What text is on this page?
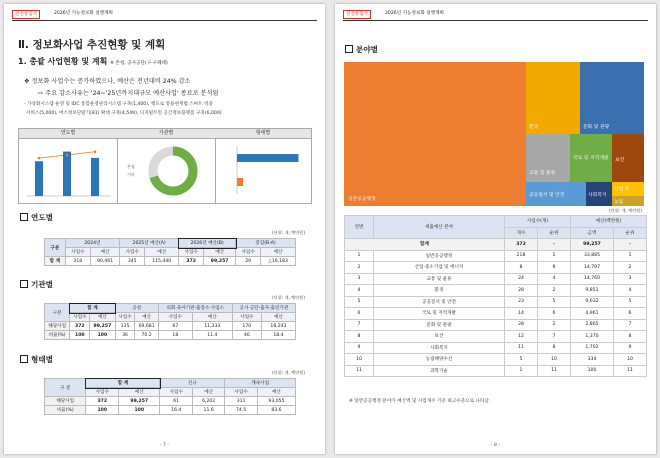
전전통합국	2026년 지능정보화 실행계획
Ⅱ. 정보화사업 추진현황 및 계획
1. 총괄 사업현황 및 계획 ※ 본청, 공사공단(구·구폐쇄)
❖ 정보화 사업수는 증가하였으나, 예산은 전년대비 24% 감소
⇨ 주요 감소사유는 '24~'25년까지대규모 예산사업' 종료로 분석됨
- 가상화시스템 운영 및 IDC 통합운영관리시스템 구축(1,400), 행도로 통용현재범 스마트 비중
서비스(5,000), 버스정보단말기(81) 확대 구축(4,549), 디지털트윈 공간정보플랫폼 구축(6,000)
연도별	기관별
본청
기타
형태별
연도별
(단위: 개, 백만원)
구분	2024년		2025년 예산(A)		2026년 예산(B)		증감(B-A)	
	사업수	예산	사업수	예산	사업수	예산	사업수	예산
합 계	318	90,461	345	115,440	372	99,257	29	△16,183
기관별
(단위: 개, 백만원)
구분	합 계		공청		의회·육아기관·출장소·사업소		공사·공단·출자·출연기관	
	사업수	예산	사업수	예산	사업수	예산	사업수	예산
해당사업	372	99,257	135	69,681	67	11,333	170	18,243
비율(%)	100	100	36	70.2	18	11.4	46	18.4
형태별
(단위: 개, 백만원)
구 분	합 계		신규		계속사업	
	사업수	예산	사업수	예산	사업수	예산
해당사업	372	99,257	61	6,202	311	93,055
비율(%)	100	100	16.4	11.6	74.5	83.6
- 7 -
전전통합국	2026년 지능정보화 실행계획
분야별
일반공공행정
환경	문화 및 관광
교통 및 물류
국토 및 지역개발 보건
공공질서 및 안전	사회복지
산업·중
농림
(단위: 개, 백만원)
연번	세출예산 분야	사업수(개)		예산(백만원)	
		개수	순위	금액	순위
합계		372	-	99,257	-
1	일반공공행정	218	1	33,885	1
2	산업·중소기업 및 에너지	8	9	14,797	2
3	교통 및 물류	24	4	14,760	3
4	환경	28	2	9,851	4
5	공공질서 및 안전	23	5	9,632	5
6	국토 및 지역개발	14	6	4,961	6
7	문화 및 관광	28	2	2,865	7
8	보건	12	7	1,370	8
9	사회복지	11	8	1,702	9
10	농림해양수산	5	10	334	10
11	과학기술	1	11	100	11
※ 일반공공행정 분야가 예산액 및 사업개수 기준 최고수준으로 나타남.
- 8 -
